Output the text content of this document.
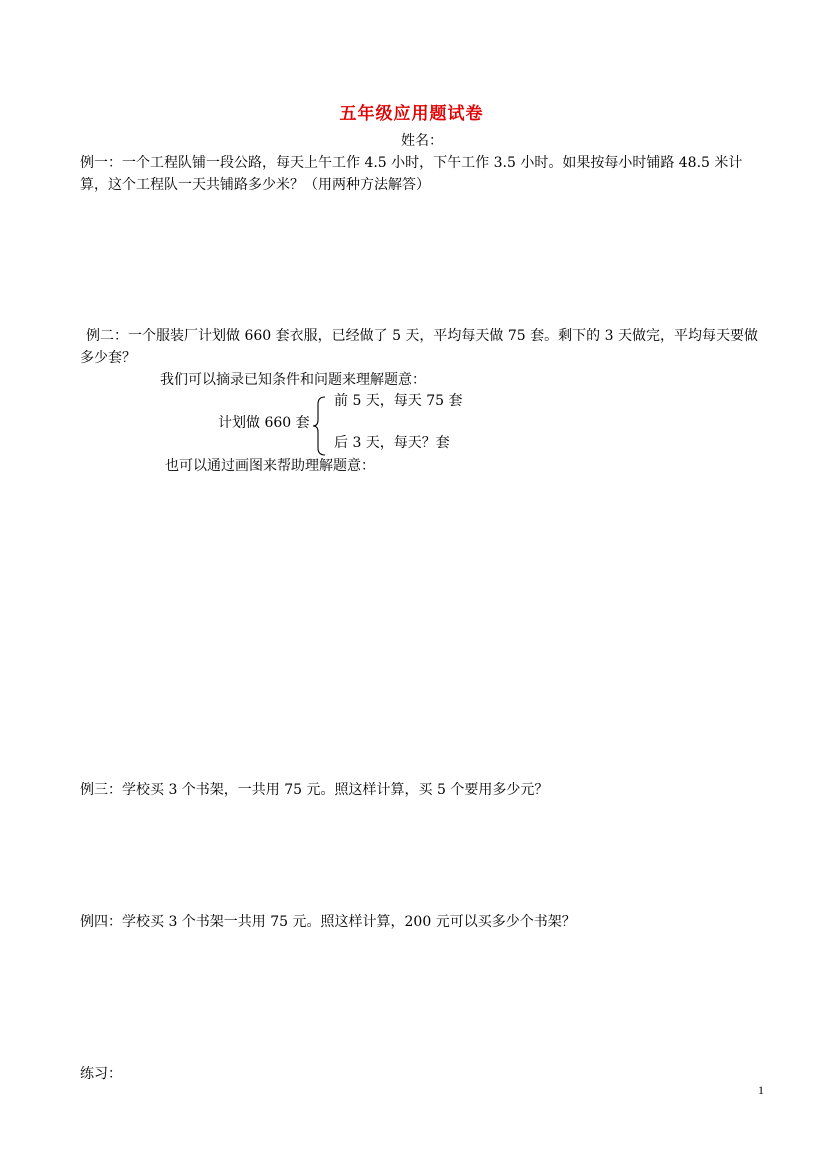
五年级应用题试卷
姓名：
例一：一个工程队铺一段公路，每天上午工作 4.5 小时，下午工作 3.5 小时。如果按每小时铺路 48.5 米计
算，这个工程队一天共铺路多少米？（用两种方法解答）
例二：一个服装厂计划做 660 套衣服，已经做了 5 天，平均每天做 75 套。剩下的 3 天做完，平均每天要做
多少套？
我们可以摘录已知条件和问题来理解题意：
计划做 660 套
前 5 天，每天 75 套
后 3 天，每天？套
也可以通过画图来帮助理解题意：
例三：学校买 3 个书架，一共用 75 元。照这样计算，买 5 个要用多少元？
例四：学校买 3 个书架一共用 75 元。照这样计算，200 元可以买多少个书架？
练习：
1
